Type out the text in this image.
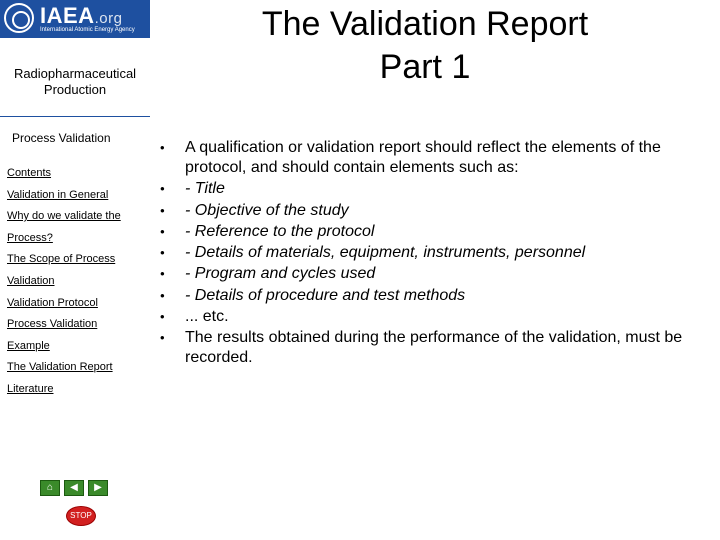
IAEA.org
International Atomic Energy Agency
Radiopharmaceutical Production
Process Validation
Contents
Validation in General
Why do we validate the
Process?
The Scope of Process
Validation
Validation Protocol
Process Validation
Example
The Validation Report
Literature
⌂	◀	▶
STOP
The Validation Report
Part 1
• A qualification or validation report should reflect the elements of the protocol, and should contain elements such as:
• - Title
• - Objective of the study
• - Reference to the protocol
• - Details of materials, equipment, instruments, personnel
• - Program and cycles used
• - Details of procedure and test methods
• ... etc.
• The results obtained during the performance of the validation, must be recorded.
